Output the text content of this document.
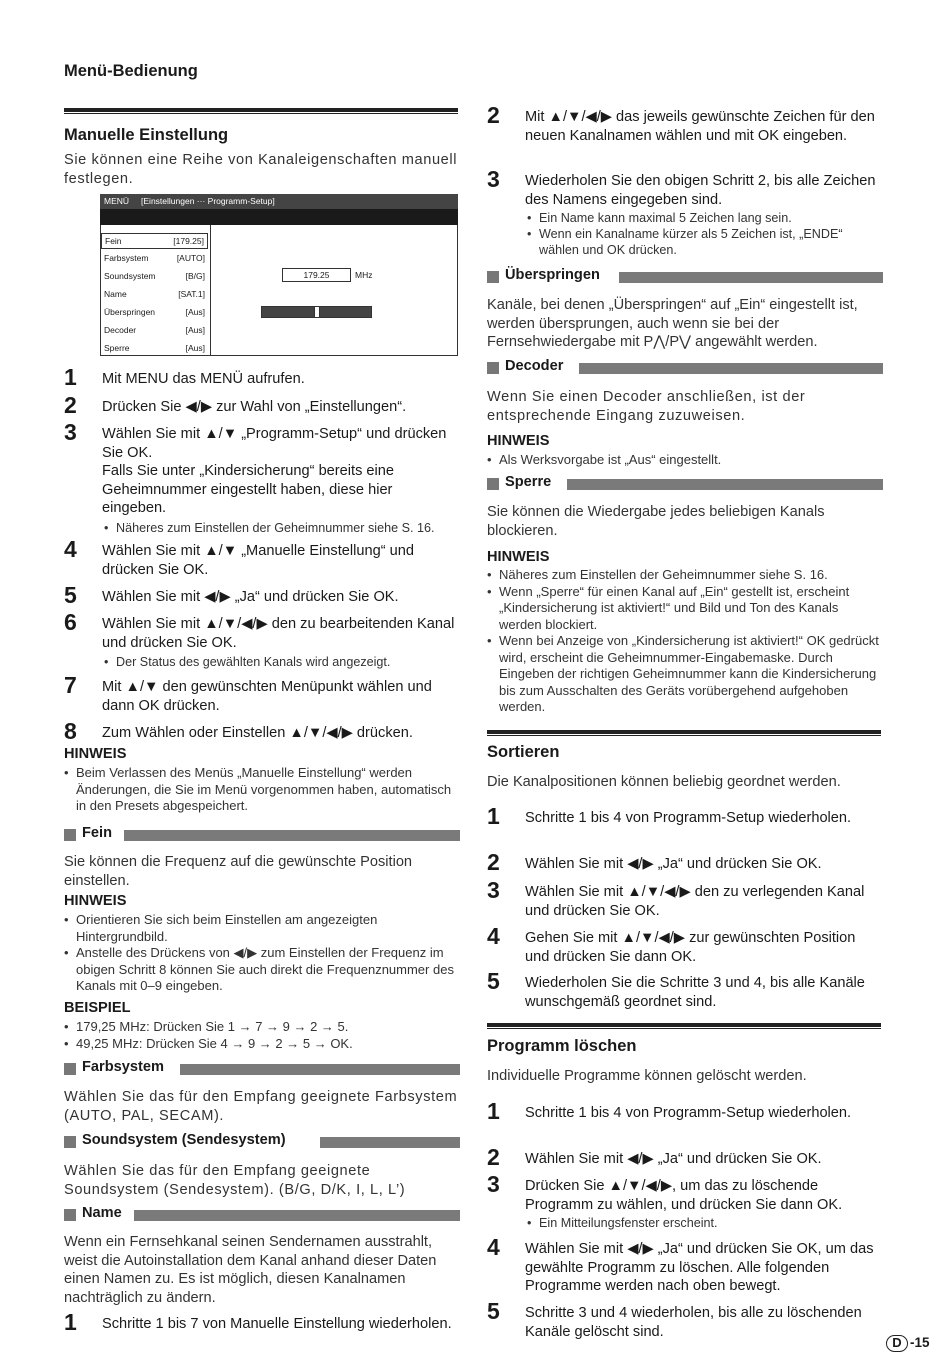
Menü-Bedienung
Manuelle Einstellung
Sie können eine Reihe von Kanaleigenschaften manuell festlegen.
MENÜ [Einstellungen ··· Programm-Setup]
Fein	[179.25]
Farbsystem	[AUTO]
Soundsystem	[B/G]
Name	[SAT.1]
Überspringen	[Aus]
Decoder	[Aus]
Sperre	[Aus]
179.25	MHz
1 Mit MENU das MENÜ aufrufen.
2 Drücken Sie ◀/▶ zur Wahl von „Einstellungen“.
3 Wählen Sie mit ▲/▼ „Programm-Setup“ und drücken Sie OK.
Falls Sie unter „Kindersicherung“ bereits eine Geheimnummer eingestellt haben, diese hier eingeben.
• Näheres zum Einstellen der Geheimnummer siehe S. 16.
4 Wählen Sie mit ▲/▼ „Manuelle Einstellung“ und drücken Sie OK.
5 Wählen Sie mit ◀/▶ „Ja“ und drücken Sie OK.
6 Wählen Sie mit ▲/▼/◀/▶ den zu bearbeitenden Kanal und drücken Sie OK.
• Der Status des gewählten Kanals wird angezeigt.
7 Mit ▲/▼ den gewünschten Menüpunkt wählen und dann OK drücken.
8 Zum Wählen oder Einstellen ▲/▼/◀/▶ drücken.
HINWEIS
• Beim Verlassen des Menüs „Manuelle Einstellung“ werden Änderungen, die Sie im Menü vorgenommen haben, automatisch in den Presets abgespeichert.
Fein
Sie können die Frequenz auf die gewünschte Position einstellen.
HINWEIS
• Orientieren Sie sich beim Einstellen am angezeigten Hintergrundbild.
• Anstelle des Drückens von ◀/▶ zum Einstellen der Frequenz im obigen Schritt 8 können Sie auch direkt die Frequenznummer des Kanals mit 0–9 eingeben.
BEISPIEL
• 179,25 MHz: Drücken Sie 1 → 7 → 9 → 2 → 5.
• 49,25 MHz: Drücken Sie 4 → 9 → 2 → 5 → OK.
Farbsystem
Wählen Sie das für den Empfang geeignete Farbsystem (AUTO, PAL, SECAM).
Soundsystem (Sendesystem)
Wählen Sie das für den Empfang geeignete Soundsystem (Sendesystem). (B/G, D/K, I, L, L’)
Name
Wenn ein Fernsehkanal seinen Sendernamen ausstrahlt, weist die Autoinstallation dem Kanal anhand dieser Daten einen Namen zu. Es ist möglich, diesen Kanalnamen nachträglich zu ändern.
1 Schritte 1 bis 7 von Manuelle Einstellung wiederholen.
2 Mit ▲/▼/◀/▶ das jeweils gewünschte Zeichen für den neuen Kanalnamen wählen und mit OK eingeben.
3 Wiederholen Sie den obigen Schritt 2, bis alle Zeichen des Namens eingegeben sind.
• Ein Name kann maximal 5 Zeichen lang sein.
• Wenn ein Kanalname kürzer als 5 Zeichen ist, „ENDE“ wählen und OK drücken.
Überspringen
Kanäle, bei denen „Überspringen“ auf „Ein“ eingestellt ist, werden übersprungen, auch wenn sie bei der Fernsehwiedergabe mit P⋀/P⋁ angewählt werden.
Decoder
Wenn Sie einen Decoder anschließen, ist der entsprechende Eingang zuzuweisen.
HINWEIS
• Als Werksvorgabe ist „Aus“ eingestellt.
Sperre
Sie können die Wiedergabe jedes beliebigen Kanals blockieren.
HINWEIS
• Näheres zum Einstellen der Geheimnummer siehe S. 16.
• Wenn „Sperre“ für einen Kanal auf „Ein“ gestellt ist, erscheint „Kindersicherung ist aktiviert!“ und Bild und Ton des Kanals werden blockiert.
• Wenn bei Anzeige von „Kindersicherung ist aktiviert!“ OK gedrückt wird, erscheint die Geheimnummer-Eingabemaske. Durch Eingeben der richtigen Geheimnummer kann die Kindersicherung bis zum Ausschalten des Geräts vorübergehend aufgehoben werden.
Sortieren
Die Kanalpositionen können beliebig geordnet werden.
1 Schritte 1 bis 4 von Programm-Setup wiederholen.
2 Wählen Sie mit ◀/▶ „Ja“ und drücken Sie OK.
3 Wählen Sie mit ▲/▼/◀/▶ den zu verlegenden Kanal und drücken Sie OK.
4 Gehen Sie mit ▲/▼/◀/▶ zur gewünschten Position und drücken Sie dann OK.
5 Wiederholen Sie die Schritte 3 und 4, bis alle Kanäle wunschgemäß geordnet sind.
Programm löschen
Individuelle Programme können gelöscht werden.
1 Schritte 1 bis 4 von Programm-Setup wiederholen.
2 Wählen Sie mit ◀/▶ „Ja“ und drücken Sie OK.
3 Drücken Sie ▲/▼/◀/▶, um das zu löschende Programm zu wählen, und drücken Sie dann OK.
• Ein Mitteilungsfenster erscheint.
4 Wählen Sie mit ◀/▶ „Ja“ und drücken Sie OK, um das gewählte Programm zu löschen. Alle folgenden Programme werden nach oben bewegt.
5 Schritte 3 und 4 wiederholen, bis alle zu löschenden Kanäle gelöscht sind.
D -15
